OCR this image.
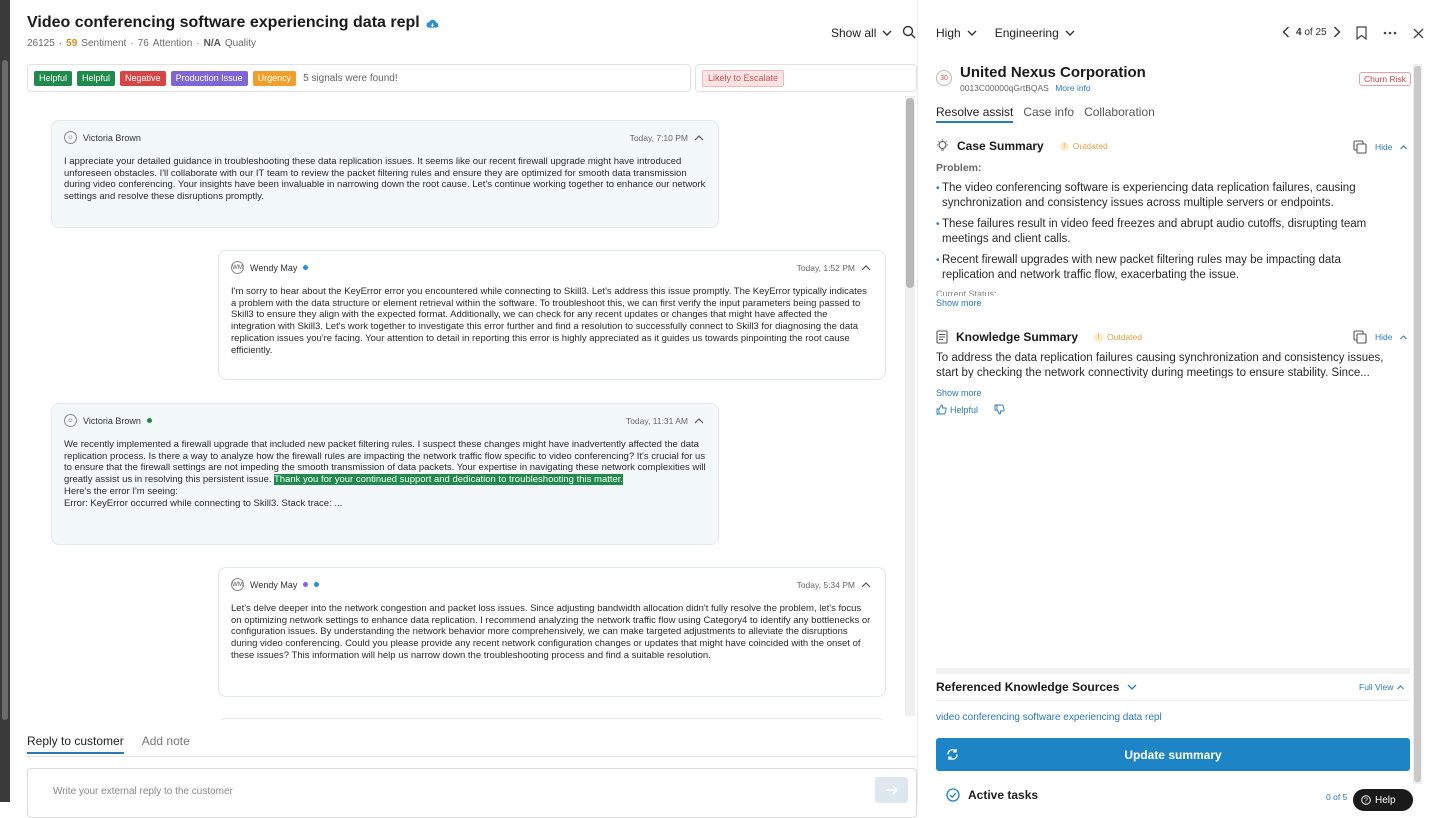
Video conferencing software experiencing data repl
26125 · 59 Sentiment · 76 Attention · N/A Quality
Show all
Helpful	Helpful	Negative	Production Issue	Urgency	5 signals were found!	Likely to Escalate
☺	Victoria Brown	Today, 7:10 PM
I appreciate your detailed guidance in troubleshooting these data replication issues. It seems like our recent firewall upgrade might have introduced unforeseen obstacles. I'll collaborate with our IT team to review the packet filtering rules and ensure they are optimized for smooth data transmission during video conferencing. Your insights have been invaluable in narrowing down the root cause. Let's continue working together to enhance our network settings and resolve these disruptions promptly.
WM Wendy May	Today, 1:52 PM
I'm sorry to hear about the KeyError error you encountered while connecting to Skill3. Let's address this issue promptly. The KeyError typically indicates a problem with the data structure or element retrieval within the software. To troubleshoot this, we can first verify the input parameters being passed to Skill3 to ensure they align with the expected format. Additionally, we can check for any recent updates or changes that might have affected the integration with Skill3. Let's work together to investigate this error further and find a resolution to successfully connect to Skill3 for diagnosing the data replication issues you're facing. Your attention to detail in reporting this error is highly appreciated as it guides us towards pinpointing the root cause efficiently.
☺	Victoria Brown	Today, 11:31 AM
We recently implemented a firewall upgrade that included new packet filtering rules. I suspect these changes might have inadvertently affected the data replication process. Is there a way to analyze how the firewall rules are impacting the network traffic flow specific to video conferencing? It's crucial for us to ensure that the firewall settings are not impeding the smooth transmission of data packets. Your expertise in navigating these network complexities will greatly assist us in resolving this persistent issue. Thank you for your continued support and dedication to troubleshooting this matter.
Here's the error I'm seeing:
Error: KeyError occurred while connecting to Skill3. Stack trace: ...
WM Wendy May	Today, 5:34 PM
Let's delve deeper into the network congestion and packet loss issues. Since adjusting bandwidth allocation didn't fully resolve the problem, let's focus on optimizing network settings to enhance data replication. I recommend analyzing the network traffic flow using Category4 to identify any bottlenecks or configuration issues. By understanding the network behavior more comprehensively, we can make targeted adjustments to alleviate the disruptions during video conferencing. Could you please provide any recent network configuration changes or updates that might have coincided with the onset of these issues? This information will help us narrow down the troubleshooting process and find a suitable resolution.
Reply to customer Add note
Write your external reply to the customer
High	Engineering	4 of 25
30 United Nexus Corporation
0013C00000qGrtBQAS More info
Churn Risk
Resolve assist Case info Collaboration
Case Summary	! Outdated	Hide
Problem:
• The video conferencing software is experiencing data replication failures, causing synchronization and consistency issues across multiple servers or endpoints.
• These failures result in video feed freezes and abrupt audio cutoffs, disrupting team meetings and client calls.
• Recent firewall upgrades with new packet filtering rules may be impacting data replication and network traffic flow, exacerbating the issue.
Current Status:
Show more
Knowledge Summary	! Outdated	Hide
To address the data replication failures causing synchronization and consistency issues, start by checking the network connectivity during meetings to ensure stability. Since...
Show more
Helpful
Referenced Knowledge Sources	Full View
video conferencing software experiencing data repl
Update summary
Active tasks	0 of 5 ? Help
